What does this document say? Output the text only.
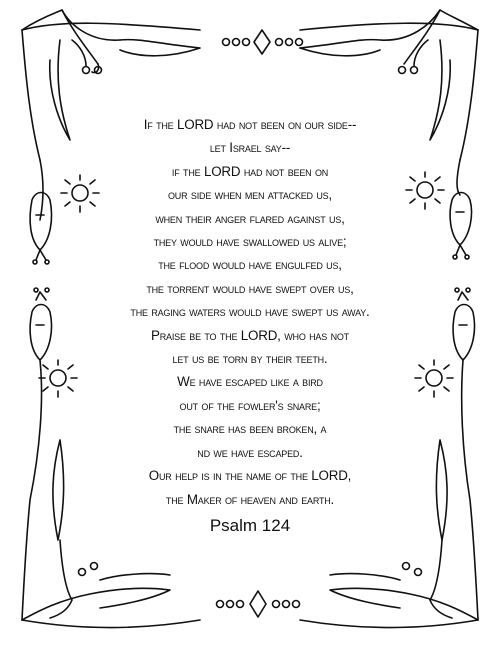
If the LORD had not been on our side--
let Israel say--
if the LORD had not been on
our side when men attacked us,
when their anger flared against us,
they would have swallowed us alive;
the flood would have engulfed us,
the torrent would have swept over us,
the raging waters would have swept us away.
Praise be to the LORD, who has not
let us be torn by their teeth.
We have escaped like a bird
out of the fowler's snare;
the snare has been broken, a
nd we have escaped.
Our help is in the name of the LORD,
the Maker of heaven and earth.
Psalm 124
